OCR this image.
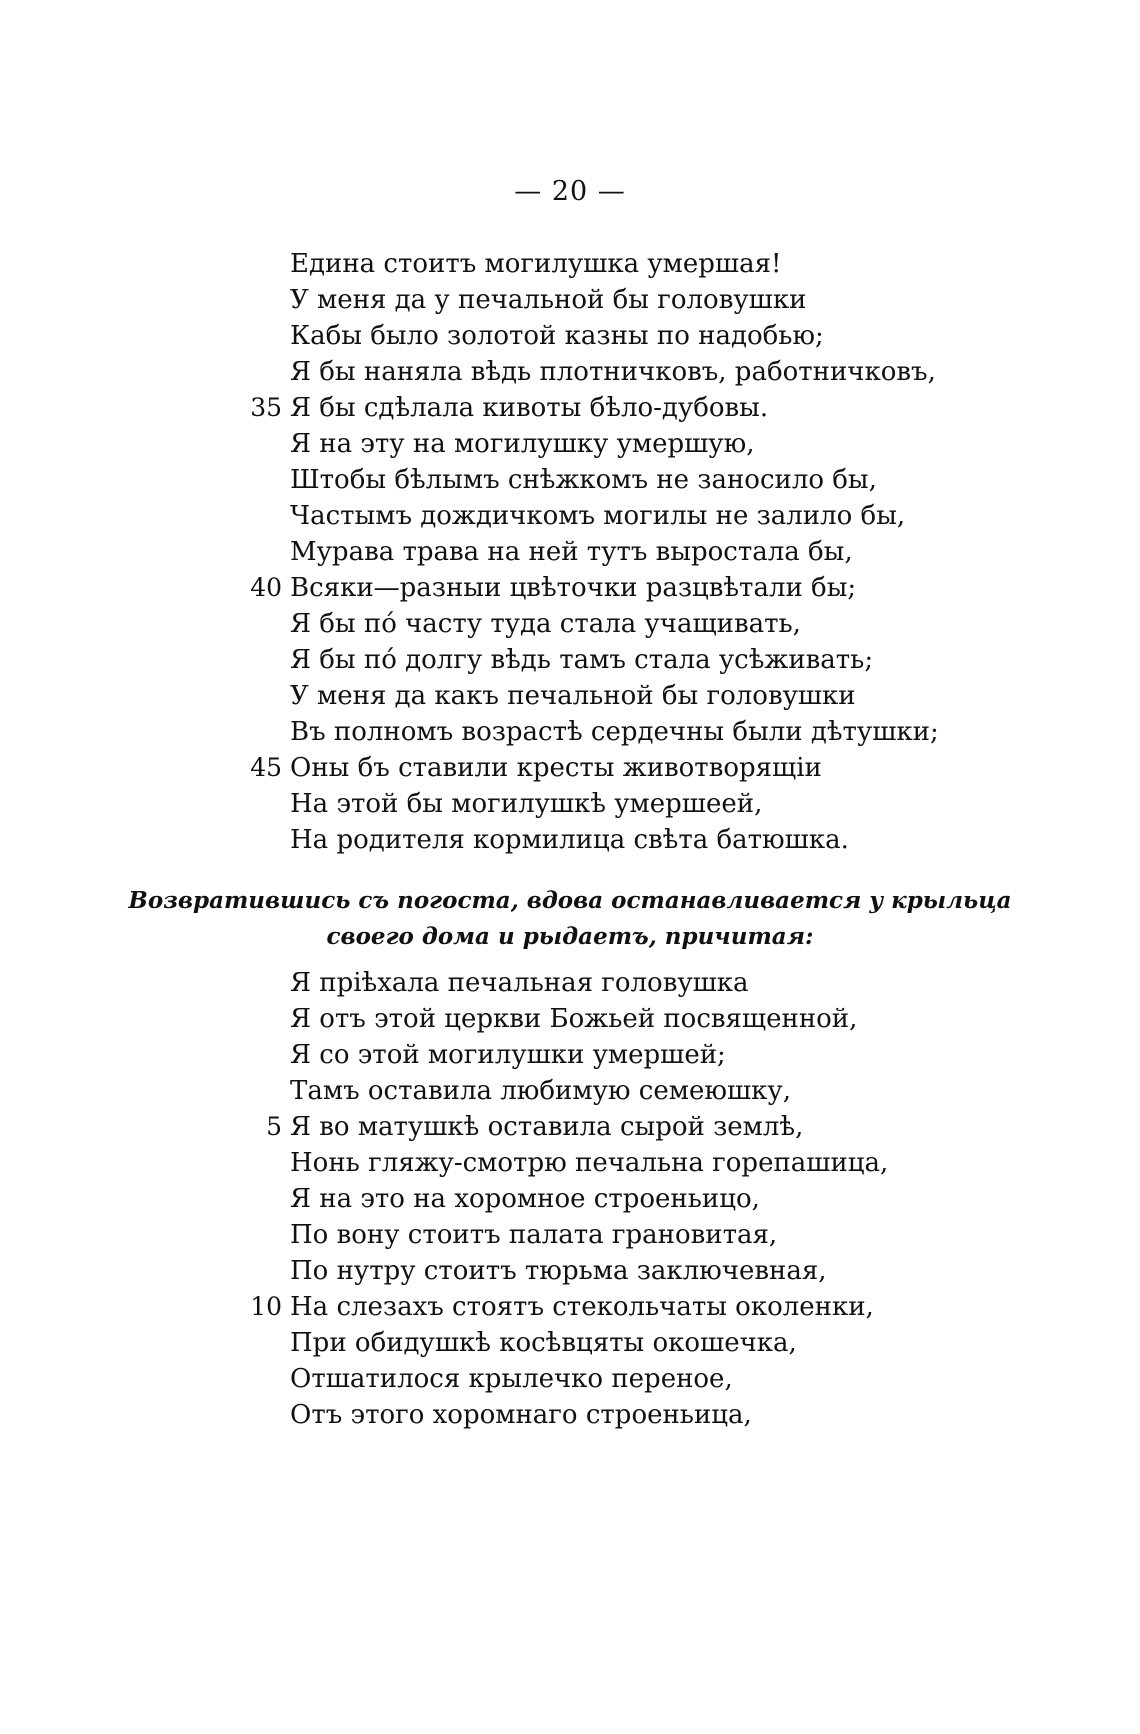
— 20 —
Едина стоитъ могилушка умершая!
У меня да у печальной бы головушки
Кабы было золотой казны по надобью;
Я бы наняла вѣдь плотничковъ, работничковъ,
35 Я бы сдѣлала кивоты бѣло-дубовы.
Я на эту на могилушку умершую,
Штобы бѣлымъ снѣжкомъ не заносило бы,
Частымъ дождичкомъ могилы не залило бы,
Мурава трава на ней тутъ выростала бы,
40 Всяки—разныи цвѣточки разцвѣтали бы;
Я бы по́ часту туда стала учащивать,
Я бы по́ долгу вѣдь тамъ стала усѣживать;
У меня да какъ печальной бы головушки
Въ полномъ возрастѣ сердечны были дѣтушки;
45 Оны бъ ставили кресты животворящіи
На этой бы могилушкѣ умершеей,
На родителя кормилица свѣта батюшка.
Возвратившись съ погоста, вдова останавливается у крыльца
своего дома и рыдаетъ, причитая:
Я пріѣхала печальная головушка
Я отъ этой церкви Божьей посвященной,
Я со этой могилушки умершей;
Тамъ оставила любимую семеюшку,
5 Я во матушкѣ оставила сырой землѣ,
Нонь гляжу-смотрю печальна горепашица,
Я на это на хоромное строеньицо,
По вону стоитъ палата грановитая,
По нутру стоитъ тюрьма заключевная,
10 На слезахъ стоятъ стекольчаты околенки,
При обидушкѣ косѣвцяты окошечка,
Отшатилося крылечко переное,
Отъ этого хоромнаго строеньица,
